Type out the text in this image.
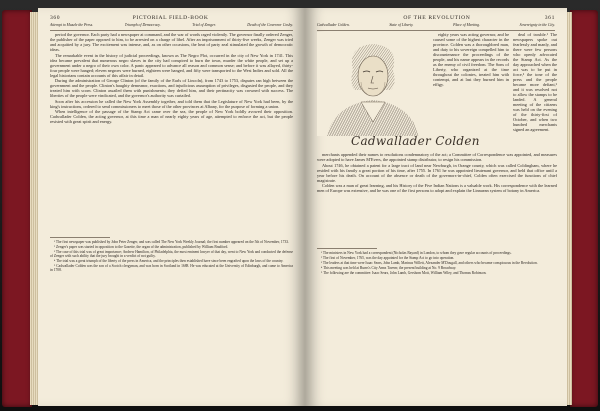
360	PICTORIAL FIELD-BOOK
Attempt to Muzzle the Press.	Triumph of Democracy.	Trial of Zenger.	Death of the Governor Cosby.

period the governor. Each party had a newspaper at command, and the war of words raged violently. The governor finally ordered Zenger, the publisher of the paper opposed to him, to be arrested on a charge of libel. After an imprisonment of thirty-five weeks, Zenger was tried and acquitted by a jury. The excitement was intense, and, as on other occasions, the heat of party zeal stimulated the growth of democratic ideas.

The remarkable event in the history of judicial proceedings, known as The Negro Plot, occurred in the city of New York in 1741. This idea became prevalent that numerous negro slaves in the city had conspired to burn the town, murder the white people, and set up a government under a negro of their own color. A panic appeared to advance all reason and common sense; and before it was allayed, thirty-four people were hanged; eleven negroes were burned, eighteen were hanged, and fifty were transported to the West Indies and sold. All the legal historians contain accounts of this affair in detail.

During the administration of George Clinton (of the family of the Earls of Lincoln), from 1743 to 1753, disputes ran high between the government and the people. Clinton's haughty demeanor, exactions, and injudicious assumption of privileges, disgusted the people, and they treated him with scorn. Clinton assailed them with punishments; they defied him, and their pertinacity was crowned with success. The liberties of the people were vindicated, and the governor's authority was curtailed.

Soon after his accession he called the New York Assembly together, and told them that the Legislature of New York had been, by the king's instructions, ordered to send commissioners to meet those of the other provinces at Albany, for the purpose of forming a union.

When intelligence of the passage of the Stamp Act came over the sea, the people of New York boldly avowed their opposition. Cadwallader Colden, the acting governor, at this time a man of nearly eighty years of age, attempted to enforce the act, but the people resisted with great spirit and energy.

¹ The first newspaper was published by John Peter Zenger, and was called The New York Weekly Journal; the first number appeared on the 5th of November, 1733.

² Zenger's paper was started in opposition to the Gazette, the organ of the administration, published by William Bradford.

³ The case of this trial was of great importance; Andrew Hamilton, of Philadelphia, the most eminent lawyer of that day, went to New York and conducted the defense of Zenger with such ability that the jury brought in a verdict of not guilty.

⁴ The trial was a great triumph of the liberty of the press in America, and the principles then established have since been engrafted upon the laws of the country.

⁵ Cadwallader Colden was the son of a Scotch clergyman, and was born in Scotland in 1688. He was educated at the University of Edinburgh, and came to America in 1708.

OF THE REVOLUTION	361
Cadwallader Colden.	State of Liberty.	Place of Meeting.	Sovereignty in the City.
Cadwallader Colden

eighty years was acting governor, and he caused some of the highest character in the province. Colden was a thoroughbred man, and duty to his sovereign compelled him to discountenance the proceedings of the people, and his name appears in the records as the enemy of civil freedom. The Sons of Liberty, who organized at the time throughout the colonies, treated him with contempt, and at last they burned him in effigy.

deal of trouble.¹ The newspapers spoke out fearlessly and manly, and there were few persons who openly advocated the Stamp Act. As the day approached when the act was to be put in force,² the tone of the press and the people became more defiant,³ and it was resolved not to allow the stamps to be landed. A general meeting of the citizens was held on the evening of the thirty-first of October, and when two hundred merchants signed an agreement.

merchants appended their names to resolutions condemnatory of the act; a Committee of Correspondence was appointed, and measures were adopted to have James M'Evers, the appointed stamp distributor, to resign his commission.

About 1746, he obtained a patent for a large tract of land near Newburgh, in Orange county, which was called Coldingham, where he resided with his family a great portion of his time, after 1755. In 1761 he was appointed lieutenant governor, and held that office until a year before his death. On account of the absence or death of the governors-in-chief, Colden often exercised the functions of chief magistrate.

Colden was a man of great learning, and his History of the Five Indian Nations is a valuable work. His correspondence with the learned men of Europe was extensive, and he was one of the first persons to adopt and explain the Linnaean system of botany in America.

¹ The ministers in New York had a correspondent (Nicholas Bayard) in London, to whom they gave regular accounts of proceedings.

² The first of November, 1765, was the day appointed for the Stamp Act to go into operation.

³ The leaders at that time were Isaac Sears, John Lamb, Marinus Willett, Alexander M'Dougall, and others who became conspicuous in the Revolution.

⁴ This meeting was held at Burns's City Arms Tavern; the present building at No. 9 Broadway.

⁵ The following are the committee: Isaac Sears, John Lamb, Gershom Mott, William Wiley, and Thomas Robinson.
